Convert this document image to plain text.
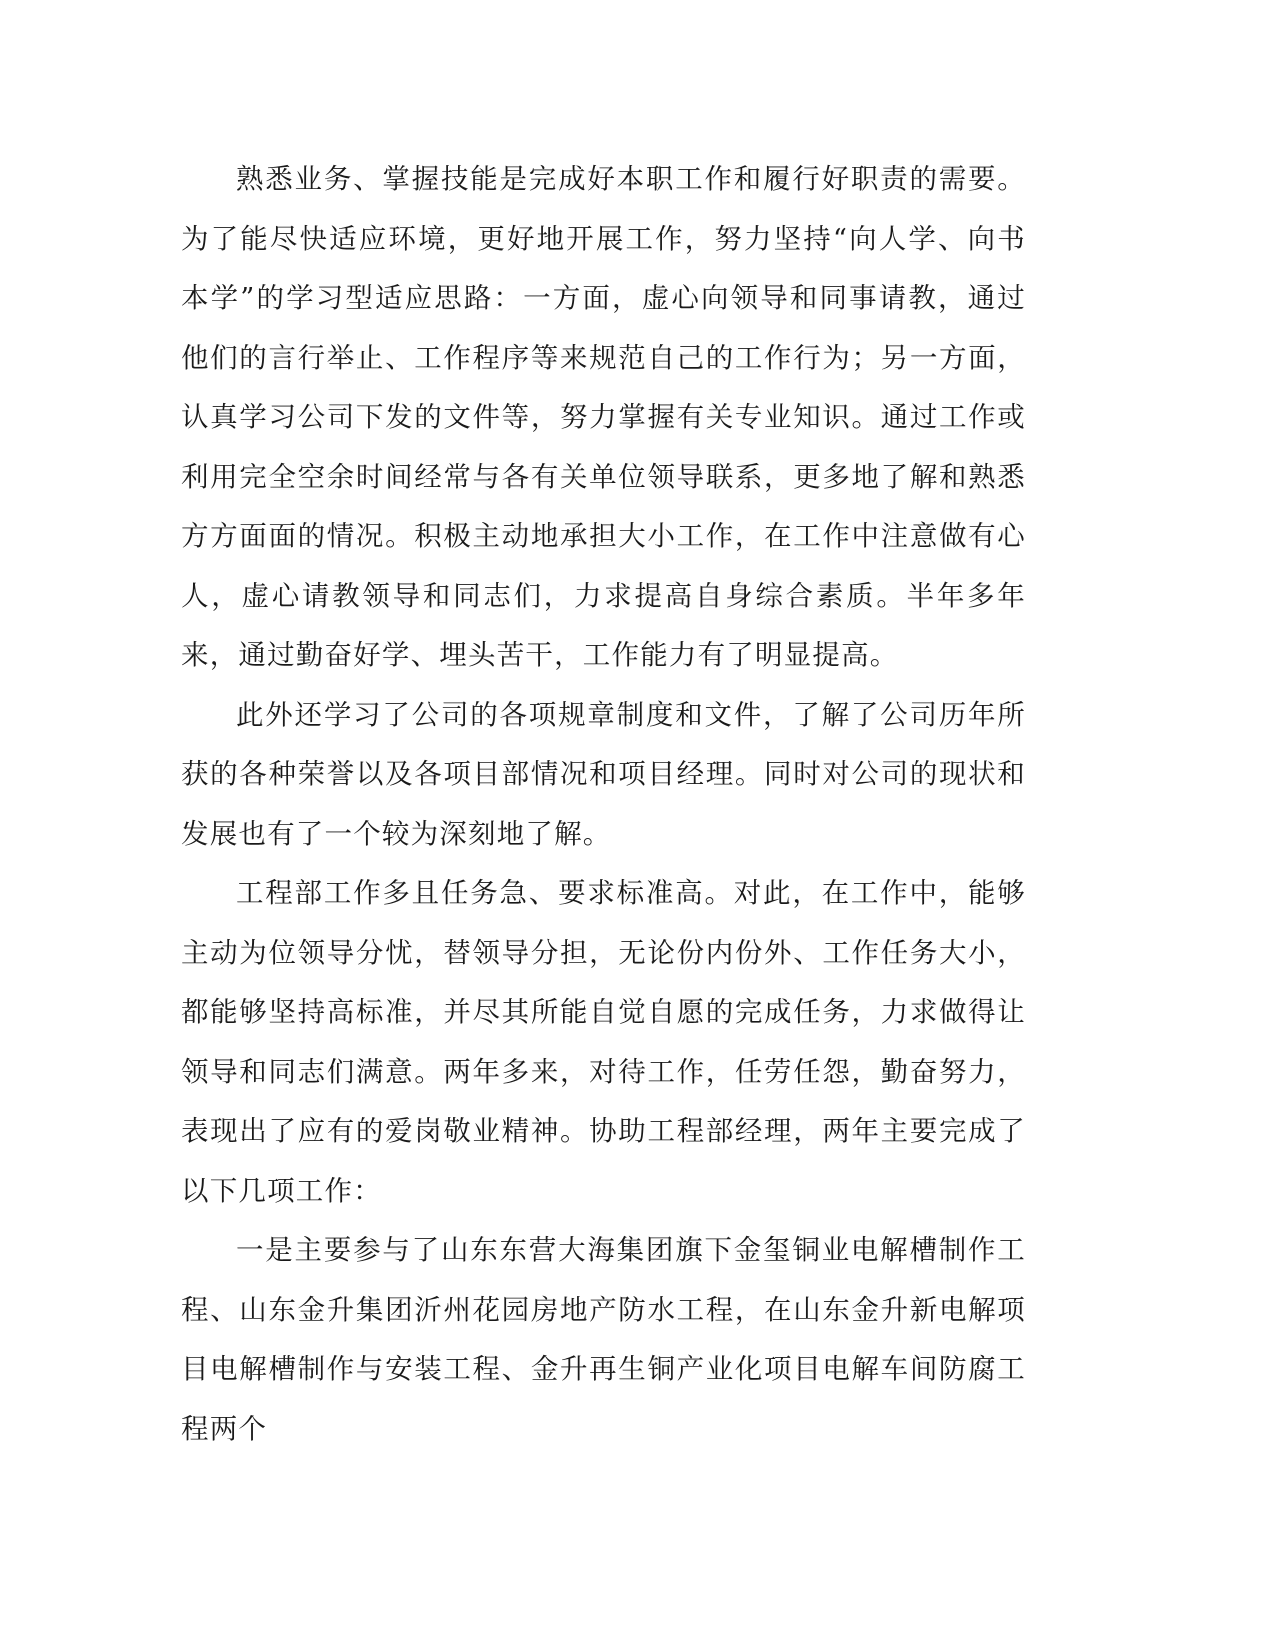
熟悉业务、掌握技能是完成好本职工作和履行好职责的需要。为了能尽快适应环境，更好地开展工作，努力坚持“向人学、向书本学”的学习型适应思路：一方面，虚心向领导和同事请教，通过他们的言行举止、工作程序等来规范自己的工作行为；另一方面，认真学习公司下发的文件等，努力掌握有关专业知识。通过工作或利用完全空余时间经常与各有关单位领导联系，更多地了解和熟悉方方面面的情况。积极主动地承担大小工作，在工作中注意做有心人，虚心请教领导和同志们，力求提高自身综合素质。半年多年来，通过勤奋好学、埋头苦干，工作能力有了明显提高。

此外还学习了公司的各项规章制度和文件，了解了公司历年所获的各种荣誉以及各项目部情况和项目经理。同时对公司的现状和发展也有了一个较为深刻地了解。

工程部工作多且任务急、要求标准高。对此，在工作中，能够主动为位领导分忧，替领导分担，无论份内份外、工作任务大小，都能够坚持高标准，并尽其所能自觉自愿的完成任务，力求做得让领导和同志们满意。两年多来，对待工作，任劳任怨，勤奋努力，表现出了应有的爱岗敬业精神。协助工程部经理，两年主要完成了以下几项工作：

一是主要参与了山东东营大海集团旗下金玺铜业电解槽制作工程、山东金升集团沂州花园房地产防水工程，在山东金升新电解项目电解槽制作与安装工程、金升再生铜产业化项目电解车间防腐工程两个
